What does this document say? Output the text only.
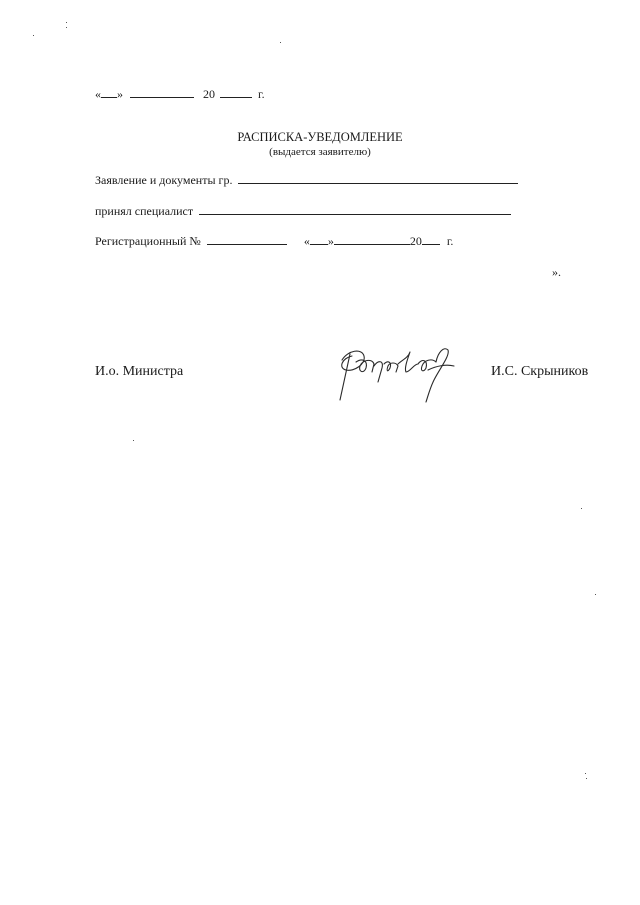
« »	20	г.
РАСПИСКА-УВЕДОМЛЕНИЕ
(выдается заявителю)
Заявление и документы гр.
принял специалист
Регистрационный №	« »	20 г.
».
И.о. Министра	И.С. Скрыников
